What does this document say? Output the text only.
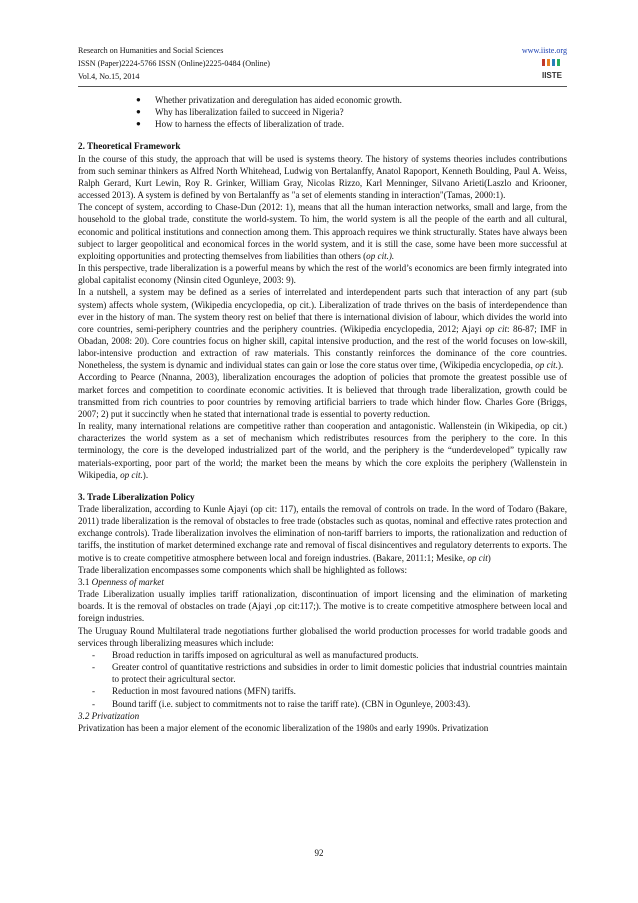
Research on Humanities and Social Sciences
ISSN (Paper)2224-5766 ISSN (Online)2225-0484 (Online)
Vol.4, No.15, 2014
www.iiste.org
IISTE
● Whether privatization and deregulation has aided economic growth.
● Why has liberalization failed to succeed in Nigeria?
● How to harness the effects of liberalization of trade.
2. Theoretical Framework

In the course of this study, the approach that will be used is systems theory. The history of systems theories includes contributions from such seminar thinkers as Alfred North Whitehead, Ludwig von Bertalanffy, Anatol Rapoport, Kenneth Boulding, Paul A. Weiss, Ralph Gerard, Kurt Lewin, Roy R. Grinker, William Gray, Nicolas Rizzo, Karl Menninger, Silvano Arieti(Laszlo and Kriooner, accessed 2013). A system is defined by von Bertalanffy as "a set of elements standing in interaction"(Tamas, 2000:1).

The concept of system, according to Chase-Dun (2012: 1), means that all the human interaction networks, small and large, from the household to the global trade, constitute the world-system. To him, the world system is all the people of the earth and all cultural, economic and political institutions and connection among them. This approach requires we think structurally. States have always been subject to larger geopolitical and economical forces in the world system, and it is still the case, some have been more successful at exploiting opportunities and protecting themselves from liabilities than others (op cit.).

In this perspective, trade liberalization is a powerful means by which the rest of the world’s economics are been firmly integrated into global capitalist economy (Ninsin cited Ogunleye, 2003: 9).

In a nutshell, a system may be defined as a series of interrelated and interdependent parts such that interaction of any part (sub system) affects whole system, (Wikipedia encyclopedia, op cit.). Liberalization of trade thrives on the basis of interdependence than ever in the history of man. The system theory rest on belief that there is international division of labour, which divides the world into core countries, semi-periphery countries and the periphery countries. (Wikipedia encyclopedia, 2012; Ajayi op cit: 86-87; IMF in Obadan, 2008: 20). Core countries focus on higher skill, capital intensive production, and the rest of the world focuses on low-skill, labor-intensive production and extraction of raw materials. This constantly reinforces the dominance of the core countries. Nonetheless, the system is dynamic and individual states can gain or lose the core status over time, (Wikipedia encyclopedia, op cit.).

According to Pearce (Nnanna, 2003), liberalization encourages the adoption of policies that promote the greatest possible use of market forces and competition to coordinate economic activities. It is believed that through trade liberalization, growth could be transmitted from rich countries to poor countries by removing artificial barriers to trade which hinder flow. Charles Gore (Briggs, 2007; 2) put it succinctly when he stated that international trade is essential to poverty reduction.

In reality, many international relations are competitive rather than cooperation and antagonistic. Wallenstein (in Wikipedia, op cit.) characterizes the world system as a set of mechanism which redistributes resources from the periphery to the core. In this terminology, the core is the developed industrialized part of the world, and the periphery is the “underdeveloped” typically raw materials-exporting, poor part of the world; the market been the means by which the core exploits the periphery (Wallenstein in Wikipedia, op cit.).

3. Trade Liberalization Policy

Trade liberalization, according to Kunle Ajayi (op cit: 117), entails the removal of controls on trade. In the word of Todaro (Bakare, 2011) trade liberalization is the removal of obstacles to free trade (obstacles such as quotas, nominal and effective rates protection and exchange controls). Trade liberalization involves the elimination of non-tariff barriers to imports, the rationalization and reduction of tariffs, the institution of market determined exchange rate and removal of fiscal disincentives and regulatory deterrents to exports. The motive is to create competitive atmosphere between local and foreign industries. (Bakare, 2011:1; Mesike, op cit)

Trade liberalization encompasses some components which shall be highlighted as follows:

3.1 Openness of market

Trade Liberalization usually implies tariff rationalization, discontinuation of import licensing and the elimination of marketing boards. It is the removal of obstacles on trade (Ajayi ,op cit:117;). The motive is to create competitive atmosphere between local and foreign industries.

The Uruguay Round Multilateral trade negotiations further globalised the world production processes for world tradable goods and services through liberalizing measures which include:

- Broad reduction in tariffs imposed on agricultural as well as manufactured products.
- Greater control of quantitative restrictions and subsidies in order to limit domestic policies that industrial countries maintain to protect their agricultural sector.
- Reduction in most favoured nations (MFN) tariffs.
- Bound tariff (i.e. subject to commitments not to raise the tariff rate). (CBN in Ogunleye, 2003:43).

3.2 Privatization

Privatization has been a major element of the economic liberalization of the 1980s and early 1990s. Privatization

92
